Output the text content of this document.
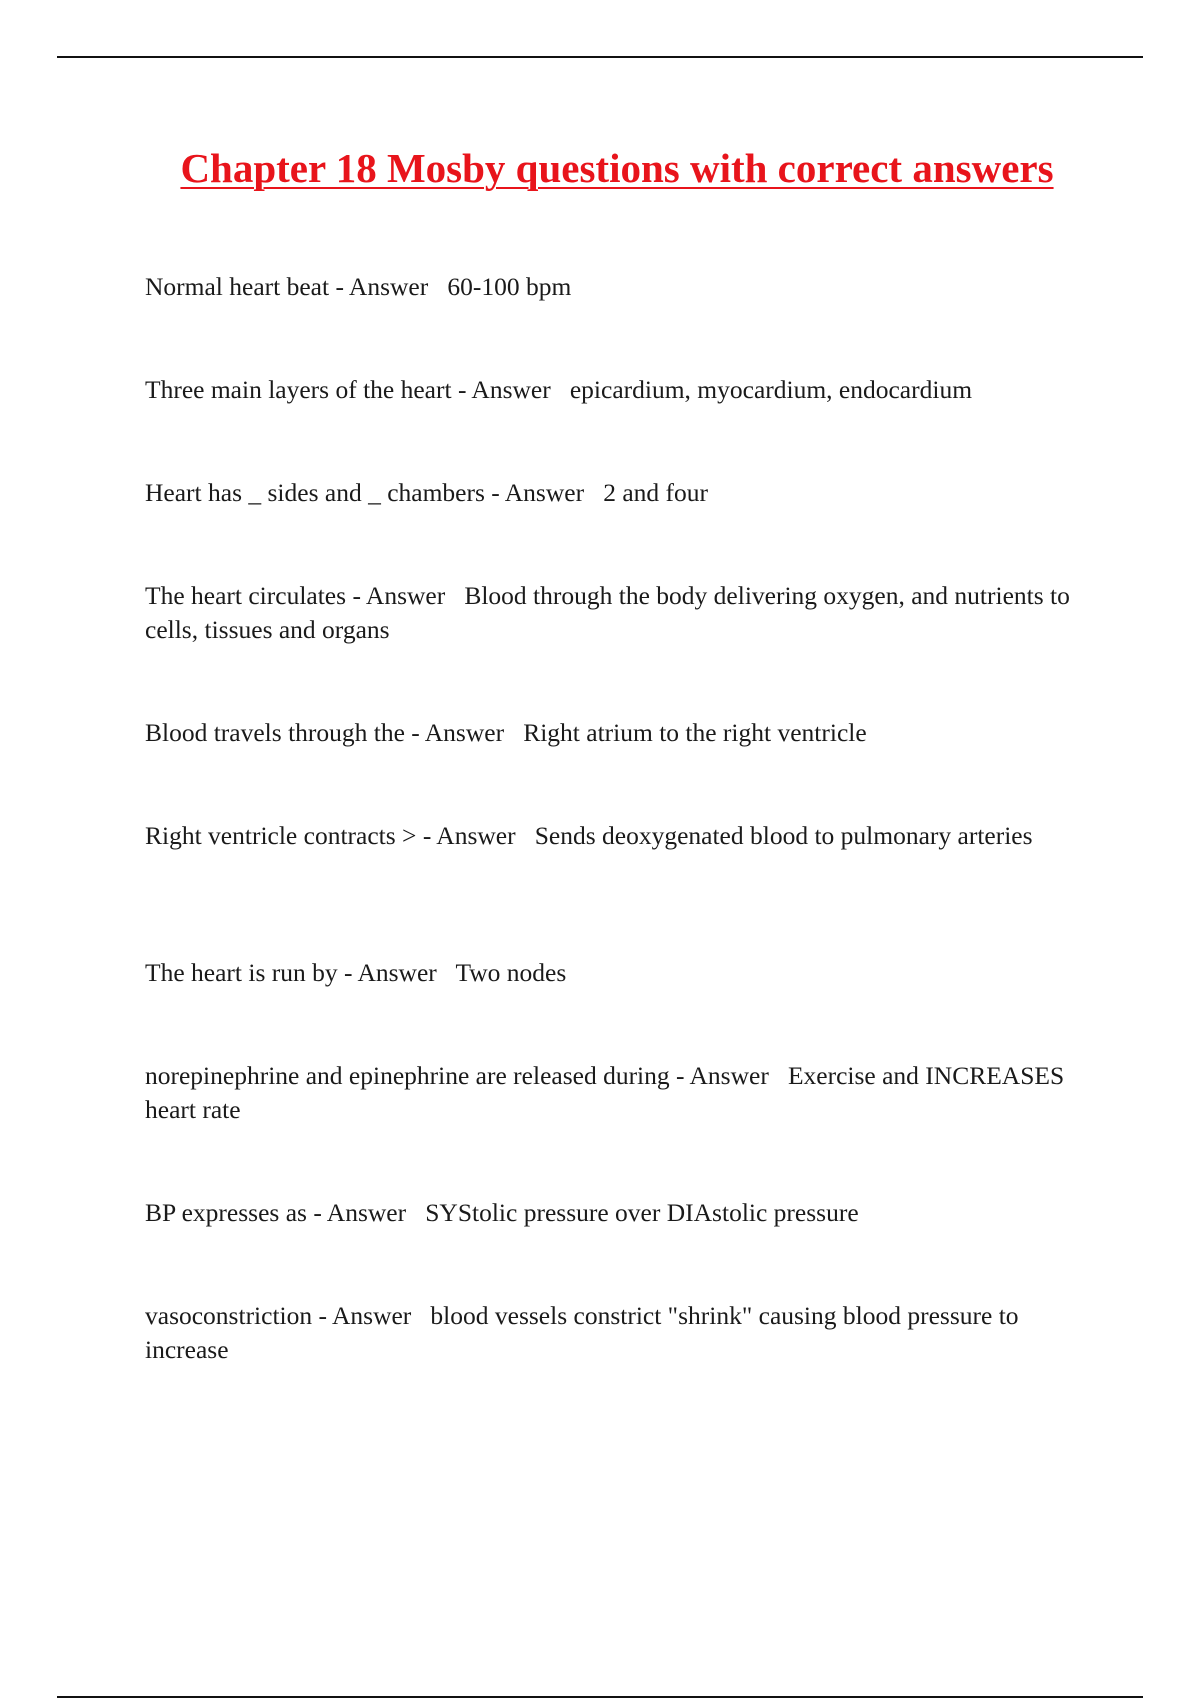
Chapter 18 Mosby questions with correct answers

Normal heart beat - Answer   60-100 bpm

Three main layers of the heart - Answer   epicardium, myocardium, endocardium

Heart has _ sides and _ chambers - Answer   2 and four

The heart circulates - Answer   Blood through the body delivering oxygen, and nutrients to cells, tissues and organs

Blood travels through the - Answer   Right atrium to the right ventricle

Right ventricle contracts > - Answer   Sends deoxygenated blood to pulmonary arteries

The heart is run by - Answer   Two nodes

norepinephrine and epinephrine are released during - Answer   Exercise and INCREASES heart rate

BP expresses as - Answer   SYStolic pressure over DIAstolic pressure

vasoconstriction - Answer   blood vessels constrict "shrink" causing blood pressure to increase
